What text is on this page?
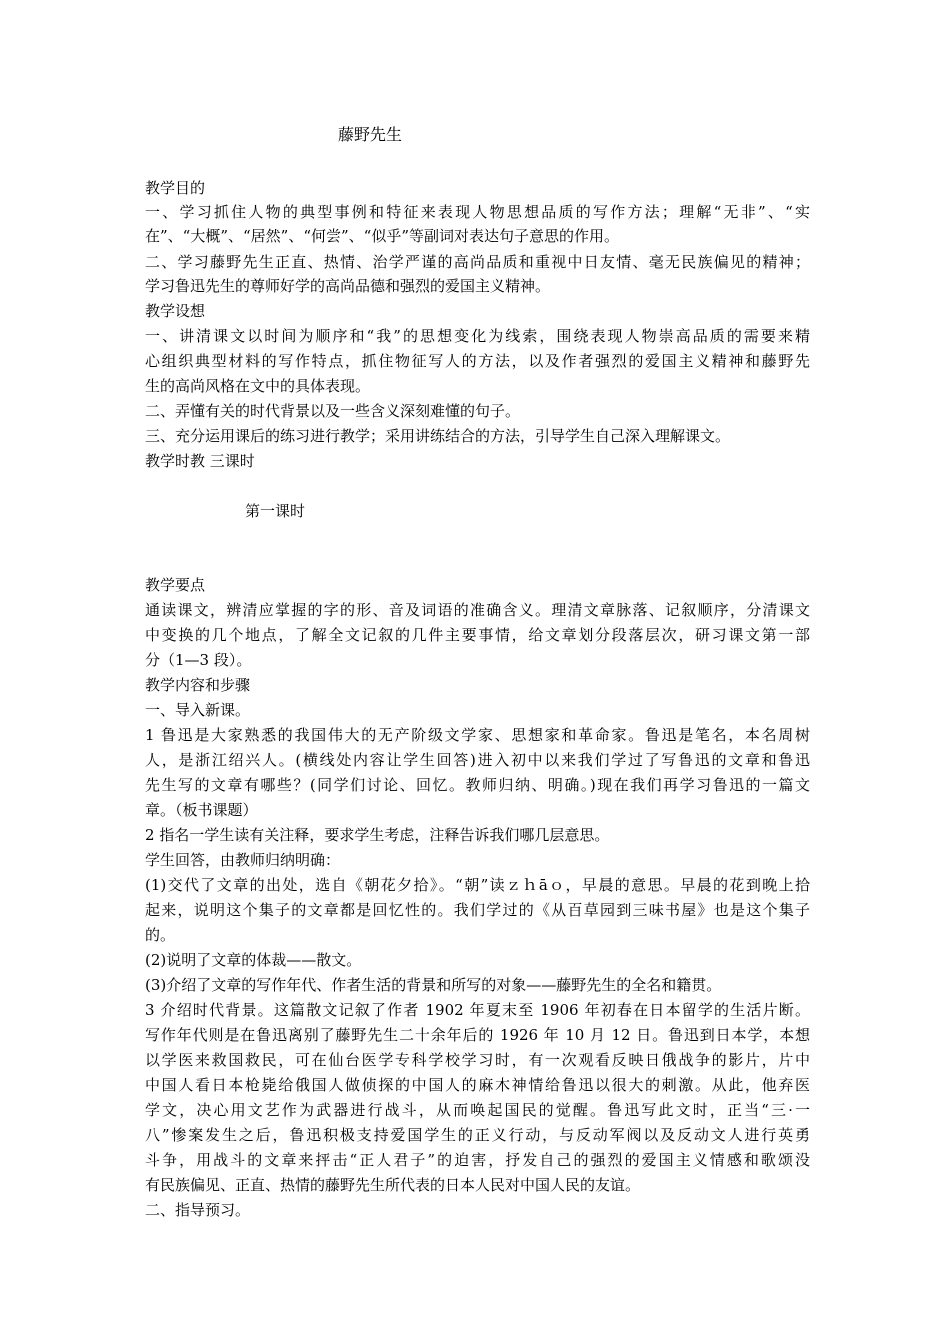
藤野先生
教学目的
一、学习抓住人物的典型事例和特征来表现人物思想品质的写作方法；理解“无非”、“实
在”、“大概”、“居然”、“何尝”、“似乎”等副词对表达句子意思的作用。
二、学习藤野先生正直、热情、治学严谨的高尚品质和重视中日友情、毫无民族偏见的精神；
学习鲁迅先生的尊师好学的高尚品德和强烈的爱国主义精神。
教学设想
一、讲清课文以时间为顺序和“我”的思想变化为线索，围绕表现人物崇高品质的需要来精
心组织典型材料的写作特点，抓住物征写人的方法，以及作者强烈的爱国主义精神和藤野先
生的高尚风格在文中的具体表现。
二、弄懂有关的时代背景以及一些含义深刻难懂的句子。
三、充分运用课后的练习进行教学；采用讲练结合的方法，引导学生自己深入理解课文。
教学时教 三课时
第一课时
教学要点
通读课文，辨清应掌握的字的形、音及词语的准确含义。理清文章脉落、记叙顺序，分清课文
中变换的几个地点，了解全文记叙的几件主要事情，给文章划分段落层次，研习课文第一部
分（1—3 段）。
教学内容和步骤
一、导入新课。
1 鲁迅是大家熟悉的我国伟大的无产阶级文学家、思想家和革命家。鲁迅是笔名，本名周树
人，是浙江绍兴人。(横线处内容让学生回答)进入初中以来我们学过了写鲁迅的文章和鲁迅
先生写的文章有哪些？(同学们讨论、回忆。教师归纳、明确。)现在我们再学习鲁迅的一篇文
章。（板书课题）
2 指名一学生读有关注释，要求学生考虑，注释告诉我们哪几层意思。
学生回答，由教师归纳明确：
(1)交代了文章的出处，选自《朝花夕拾》。“朝”读ｚｈāｏ，早晨的意思。早晨的花到晚上拾
起来，说明这个集子的文章都是回忆性的。我们学过的《从百草园到三味书屋》也是这个集子
的。
(2)说明了文章的体裁——散文。
(3)介绍了文章的写作年代、作者生活的背景和所写的对象——藤野先生的全名和籍贯。
3 介绍时代背景。这篇散文记叙了作者 1902 年夏末至 1906 年初春在日本留学的生活片断。
写作年代则是在鲁迅离别了藤野先生二十余年后的 1926 年 10 月 12 日。鲁迅到日本学，本想
以学医来救国救民，可在仙台医学专科学校学习时，有一次观看反映日俄战争的影片，片中
中国人看日本枪毙给俄国人做侦探的中国人的麻木神情给鲁迅以很大的刺激。从此，他弃医
学文，决心用文艺作为武器进行战斗，从而唤起国民的觉醒。鲁迅写此文时，正当“三·一
八”惨案发生之后，鲁迅积极支持爱国学生的正义行动，与反动军阀以及反动文人进行英勇
斗争，用战斗的文章来抨击“正人君子”的迫害，抒发自己的强烈的爱国主义情感和歌颂没
有民族偏见、正直、热情的藤野先生所代表的日本人民对中国人民的友谊。
二、指导预习。
